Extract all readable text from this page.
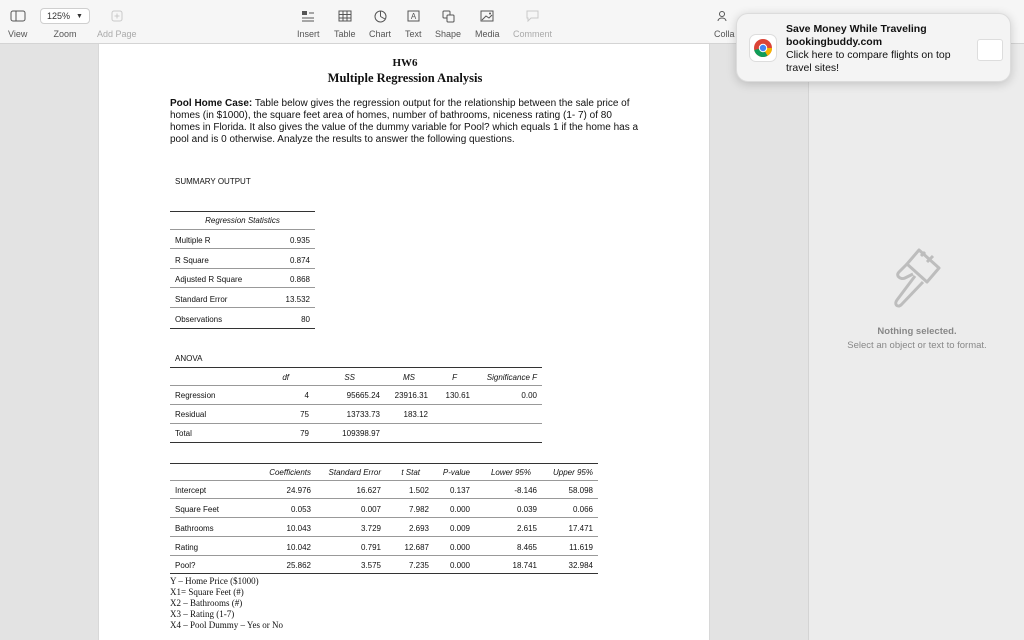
View
125% ▼
Zoom Add Page	Insert Table Chart
A
Text Shape Media Comment	Colla
HW6
Multiple Regression Analysis
Pool Home Case: Table below gives the regression output for the relationship between the sale price of homes (in $1000), the square feet area of homes, number of bathrooms, niceness rating (1- 7) of 80 homes in Florida. It also gives the value of the dummy variable for Pool? which equals 1 if the home has a pool and is 0 otherwise. Analyze the results to answer the following questions.
SUMMARY OUTPUT
Regression Statistics
Multiple R	0.935
R Square	0.874
Adjusted R Square	0.868
Standard Error	13.532
Observations	80
ANOVA
df	SS	MS	F	Significance F
Regression	4	95665.24	23916.31	130.61	0.00
Residual	75	13733.73	183.12
Total	79	109398.97
Coefficients	Standard Error	t Stat	P-value	Lower 95%	Upper 95%
Intercept	24.976	16.627	1.502	0.137	-8.146	58.098
Square Feet	0.053	0.007	7.982	0.000	0.039	0.066
Bathrooms	10.043	3.729	2.693	0.009	2.615	17.471
Rating	10.042	0.791	12.687	0.000	8.465	11.619
Pool?	25.862	3.575	7.235	0.000	18.741	32.984
Y – Home Price ($1000)
X1= Square Feet (#)
X2 – Bathrooms (#)
X3 – Rating (1-7)
X4 – Pool Dummy – Yes or No
Nothing selected.
Select an object or text to format.
Save Money While Traveling
bookingbuddy.com
Click here to compare flights on top travel sites!
